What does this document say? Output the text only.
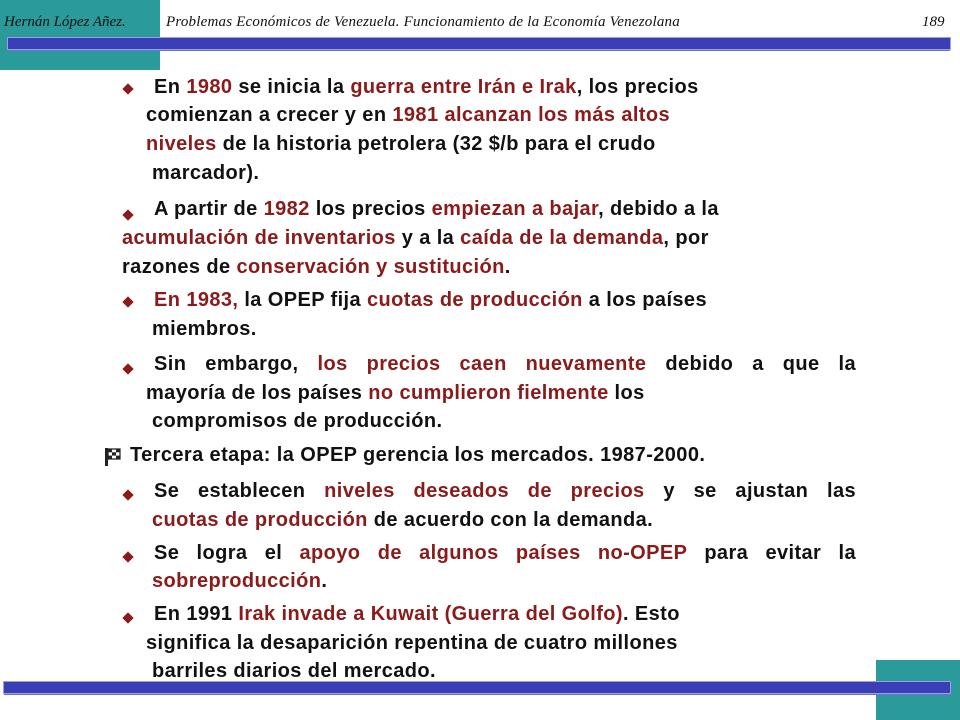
Hernán López Añez.	Problemas Económicos de Venezuela. Funcionamiento de la Economía Venezolana	189
En 1980 se inicia la guerra entre Irán e Irak, los precios
comienzan a crecer y en 1981 alcanzan los más altos
niveles de la historia petrolera (32 $/b para el crudo
marcador).
A partir de 1982 los precios empiezan a bajar, debido a la
acumulación de inventarios y a la caída de la demanda, por
razones de conservación y sustitución.
En 1983, la OPEP fija cuotas de producción a los países
miembros.
Sin embargo, los precios caen nuevamente debido a que la
mayoría de los países no cumplieron fielmente los
compromisos de producción.
Tercera etapa: la OPEP gerencia los mercados. 1987-2000.
Se establecen niveles deseados de precios y se ajustan las
cuotas de producción de acuerdo con la demanda.
Se logra el apoyo de algunos países no-OPEP para evitar la
sobreproducción.
En 1991 Irak invade a Kuwait (Guerra del Golfo). Esto
significa la desaparición repentina de cuatro millones
barriles diarios del mercado.
